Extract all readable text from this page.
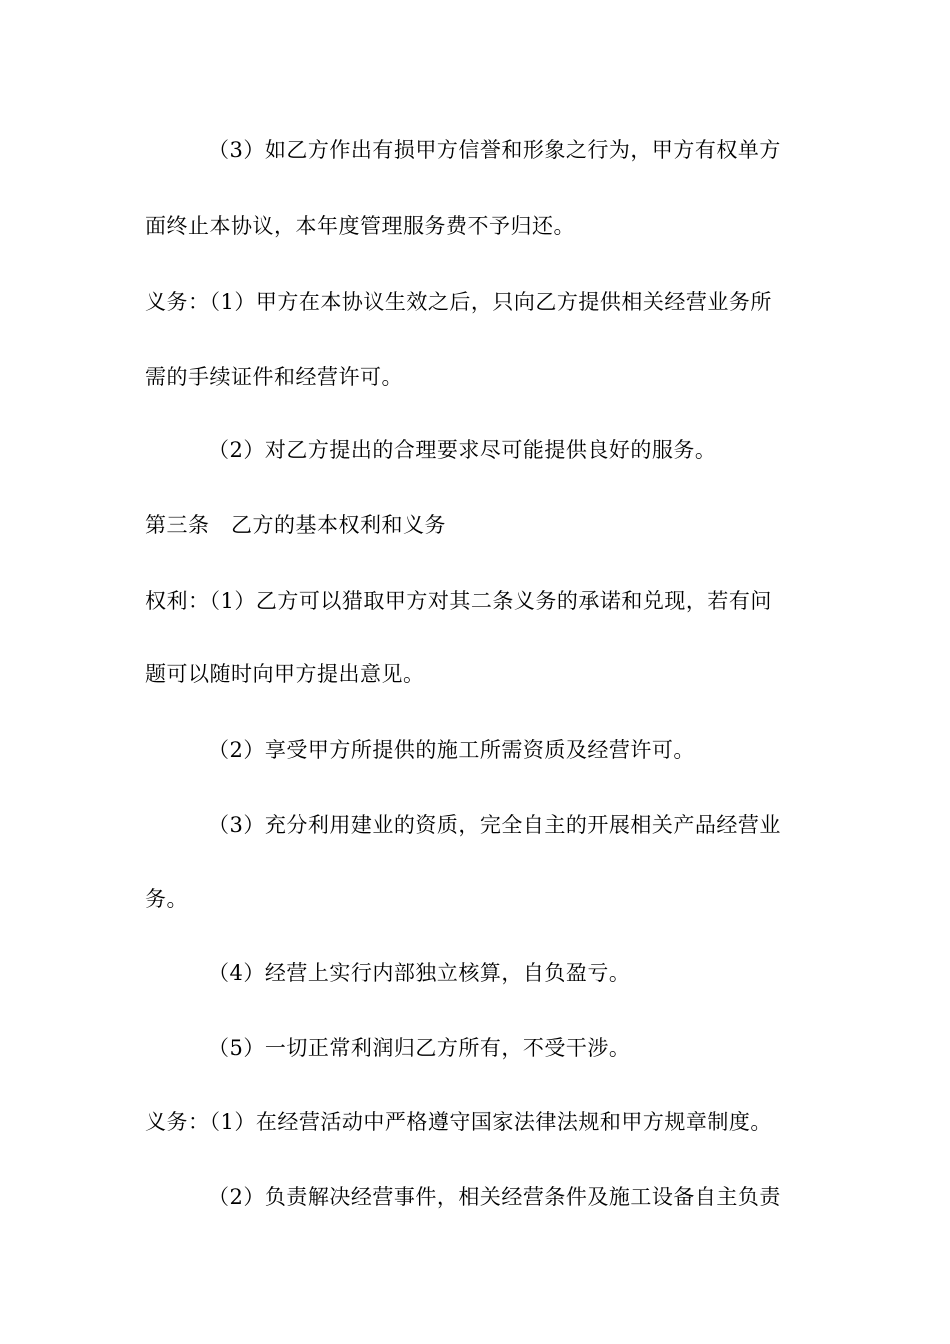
（3）如乙方作出有损甲方信誉和形象之行为，甲方有权单方
面终止本协议，本年度管理服务费不予归还。
义务：（1）甲方在本协议生效之后，只向乙方提供相关经营业务所
需的手续证件和经营许可。
（2）对乙方提出的合理要求尽可能提供良好的服务。
第三条　乙方的基本权利和义务
权利：（1）乙方可以猎取甲方对其二条义务的承诺和兑现，若有问
题可以随时向甲方提出意见。
（2）享受甲方所提供的施工所需资质及经营许可。
（3）充分利用建业的资质，完全自主的开展相关产品经营业
务。
（4）经营上实行内部独立核算，自负盈亏。
（5）一切正常利润归乙方所有，不受干涉。
义务：（1）在经营活动中严格遵守国家法律法规和甲方规章制度。
（2）负责解决经营事件，相关经营条件及施工设备自主负责
